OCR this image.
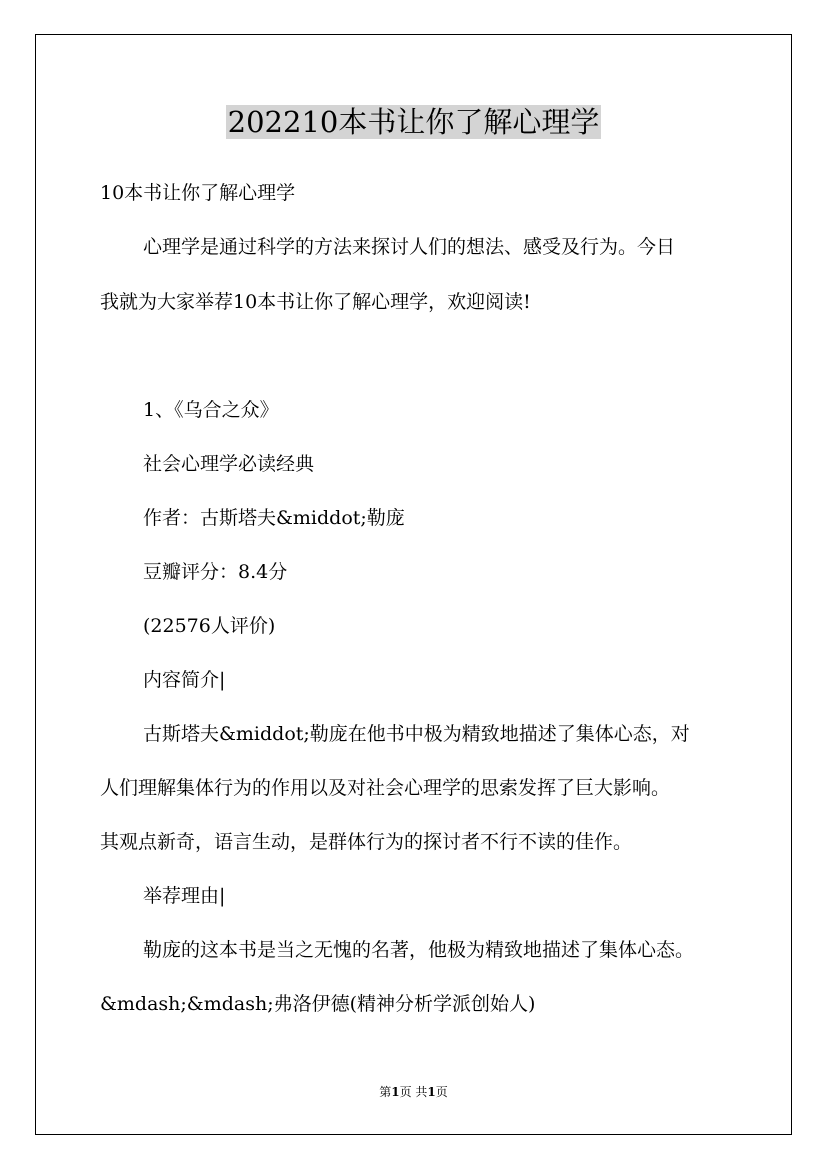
202210本书让你了解心理学
10本书让你了解心理学
心理学是通过科学的方法来探讨人们的想法、感受及行为。今日
我就为大家举荐10本书让你了解心理学，欢迎阅读!
1、《乌合之众》
社会心理学必读经典
作者：古斯塔夫&middot;勒庞
豆瓣评分：8.4分
(22576人评价)
内容简介|
古斯塔夫&middot;勒庞在他书中极为精致地描述了集体心态，对
人们理解集体行为的作用以及对社会心理学的思索发挥了巨大影响。
其观点新奇，语言生动，是群体行为的探讨者不行不读的佳作。
举荐理由|
勒庞的这本书是当之无愧的名著，他极为精致地描述了集体心态。
&mdash;&mdash;弗洛伊德(精神分析学派创始人)
第1页 共1页
